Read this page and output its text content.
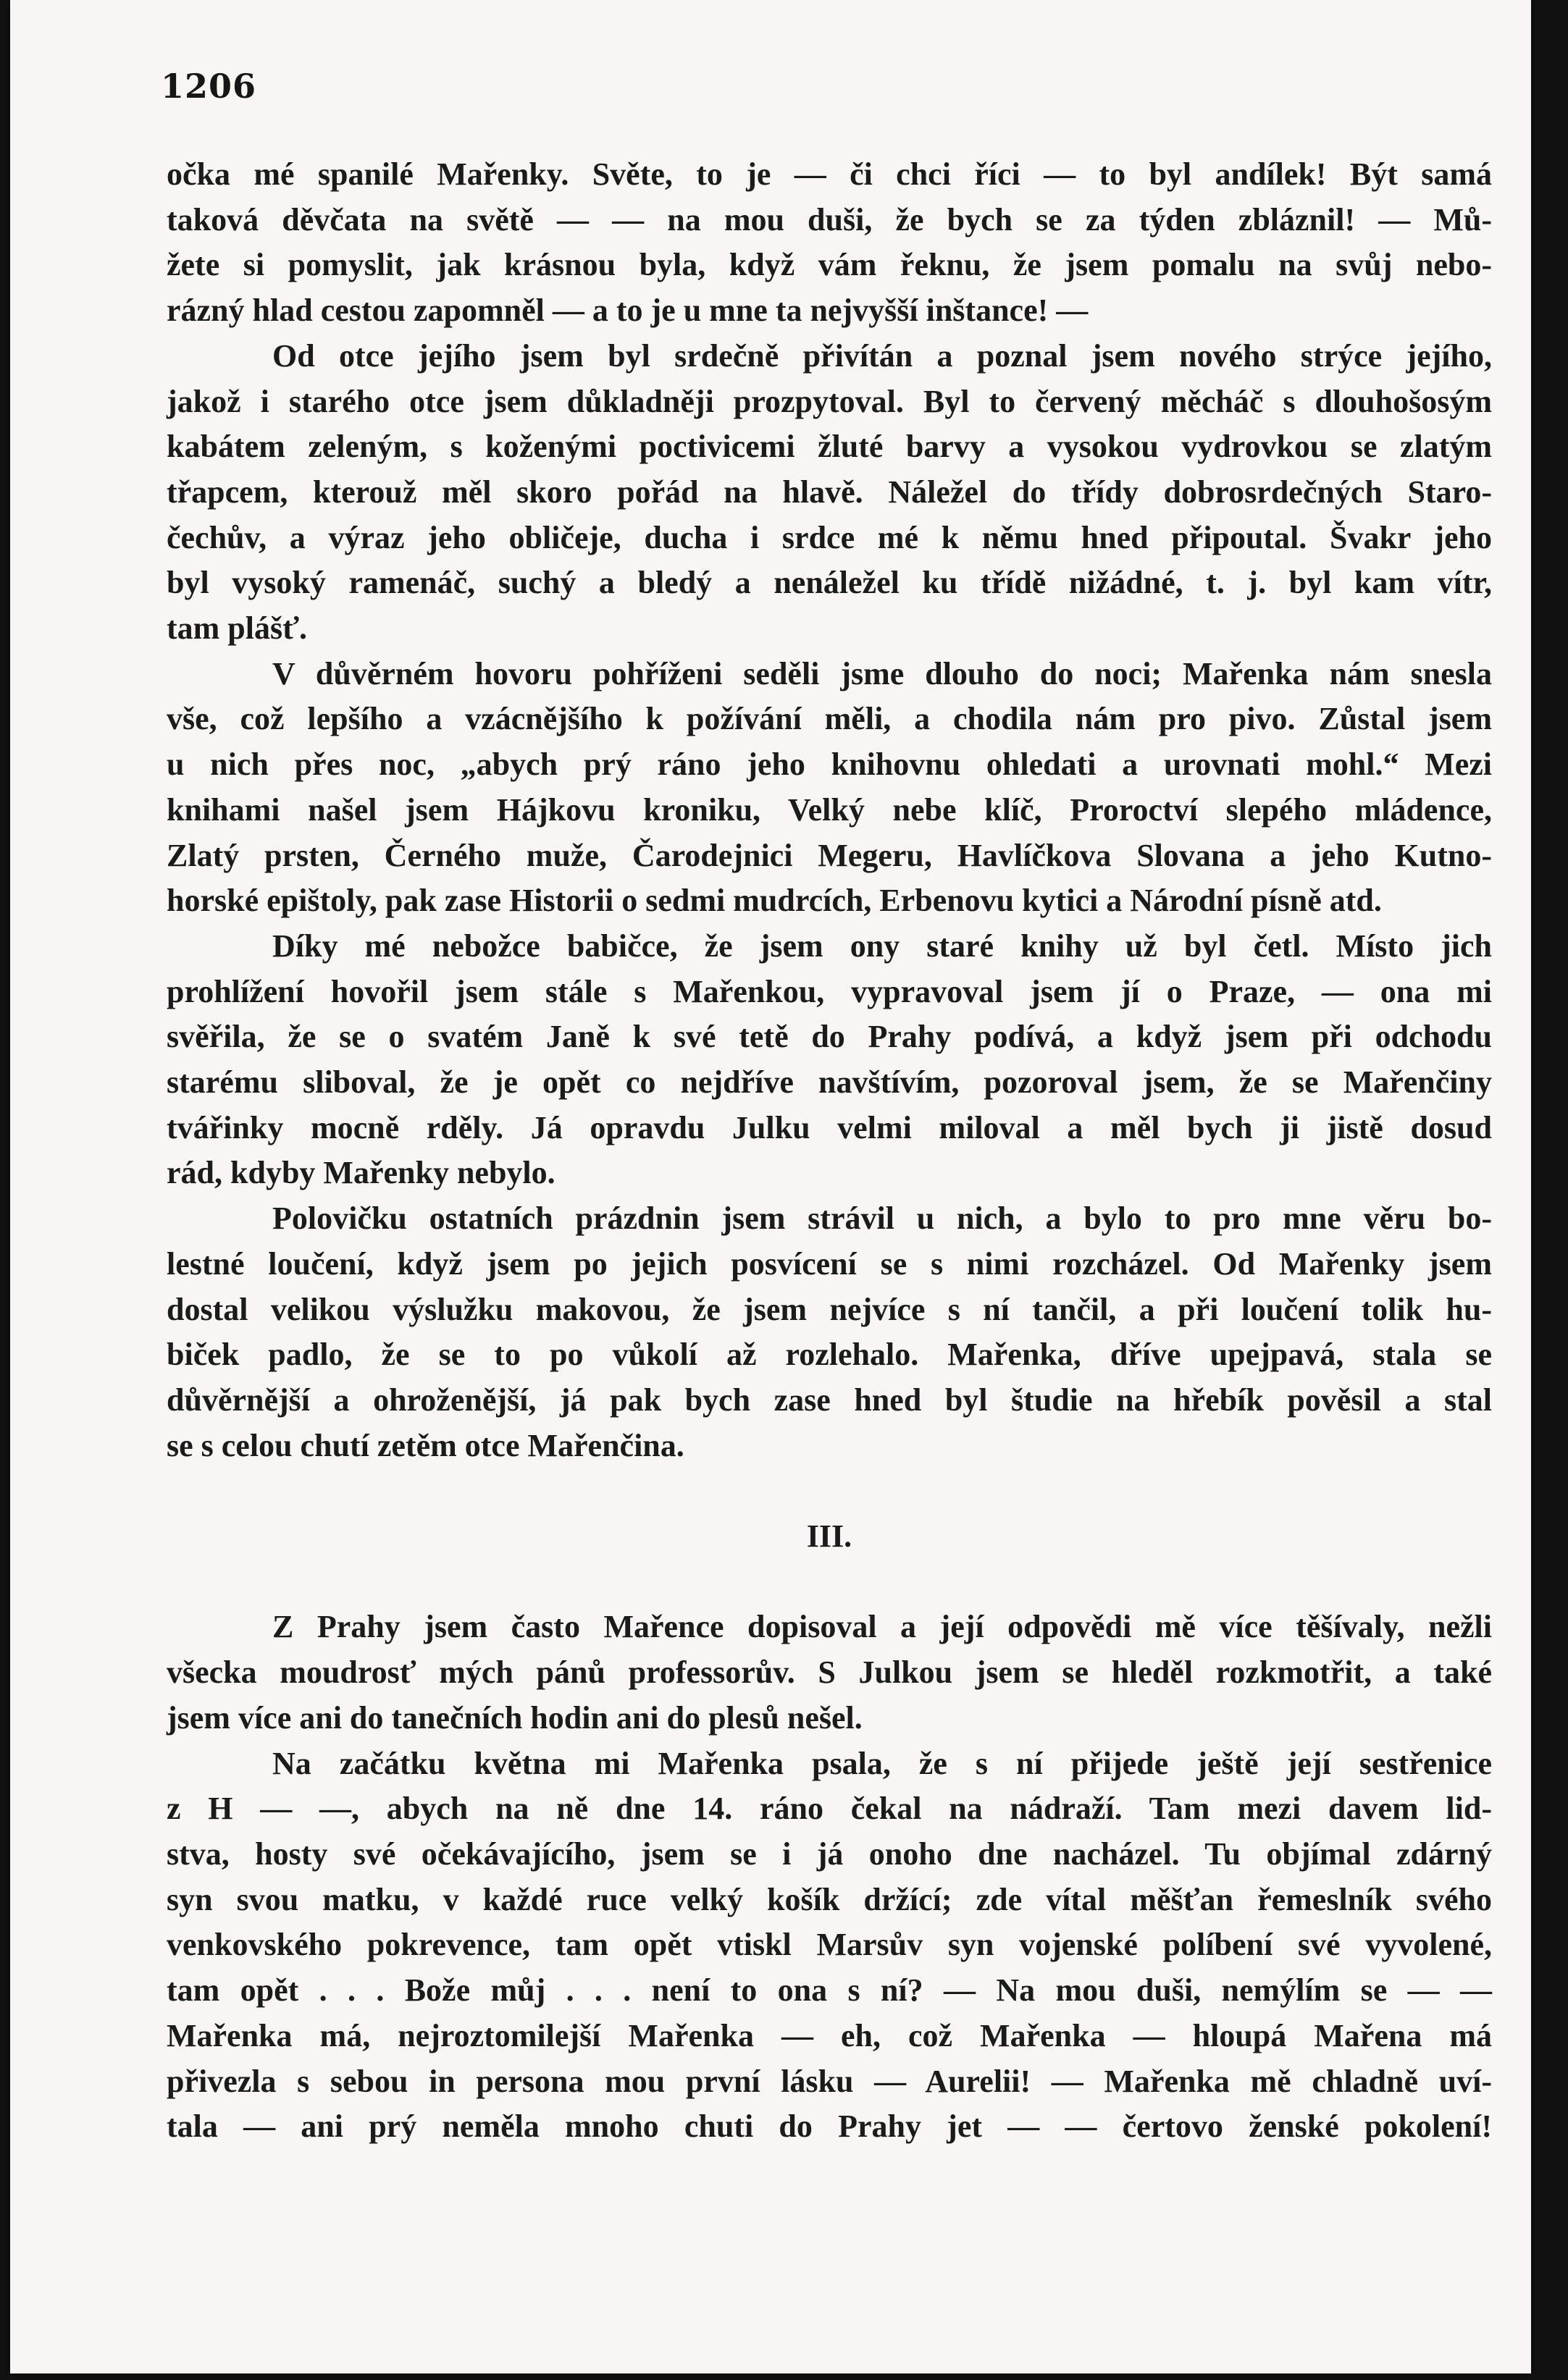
1206

očka mé spanilé Mařenky. Světe, to je — či chci říci — to byl andílek! Být samá
taková děvčata na světě — — na mou duši, že bych se za týden zbláznil! — Mů-
žete si pomyslit, jak krásnou byla, když vám řeknu, že jsem pomalu na svůj nebo-
rázný hlad cestou zapomněl — a to je u mne ta nejvyšší inštance! —

Od otce jejího jsem byl srdečně přivítán a poznal jsem nového strýce jejího,
jakož i starého otce jsem důkladněji prozpytoval. Byl to červený měcháč s dlouhošosým
kabátem zeleným, s koženými poctivicemi žluté barvy a vysokou vydrovkou se zlatým
třapcem, kterouž měl skoro pořád na hlavě. Náležel do třídy dobrosrdečných Staro-
čechův, a výraz jeho obličeje, ducha i srdce mé k němu hned připoutal. Švakr jeho
byl vysoký ramenáč, suchý a bledý a nenáležel ku třídě nižádné, t. j. byl kam vítr,
tam plášť.

V důvěrném hovoru pohříženi seděli jsme dlouho do noci; Mařenka nám snesla
vše, což lepšího a vzácnějšího k požívání měli, a chodila nám pro pivo. Zůstal jsem
u nich přes noc, „abych prý ráno jeho knihovnu ohledati a urovnati mohl.“ Mezi
knihami našel jsem Hájkovu kroniku, Velký nebe klíč, Proroctví slepého mládence,
Zlatý prsten, Černého muže, Čarodejnici Megeru, Havlíčkova Slovana a jeho Kutno-
horské epištoly, pak zase Historii o sedmi mudrcích, Erbenovu kytici a Národní písně atd.

Díky mé nebožce babičce, že jsem ony staré knihy už byl četl. Místo jich
prohlížení hovořil jsem stále s Mařenkou, vypravoval jsem jí o Praze, — ona mi
svěřila, že se o svatém Janě k své tetě do Prahy podívá, a když jsem při odchodu
starému sliboval, že je opět co nejdříve navštívím, pozoroval jsem, že se Mařenčiny
tvářinky mocně rděly. Já opravdu Julku velmi miloval a měl bych ji jistě dosud
rád, kdyby Mařenky nebylo.

Polovičku ostatních prázdnin jsem strávil u nich, a bylo to pro mne věru bo-
lestné loučení, když jsem po jejich posvícení se s nimi rozcházel. Od Mařenky jsem
dostal velikou výslužku makovou, že jsem nejvíce s ní tančil, a při loučení tolik hu-
biček padlo, že se to po vůkolí až rozlehalo. Mařenka, dříve upejpavá, stala se
důvěrnější a ohroženější, já pak bych zase hned byl študie na hřebík pověsil a stal
se s celou chutí zetěm otce Mařenčina.

III.

Z Prahy jsem často Mařence dopisoval a její odpovědi mě více těšívaly, nežli
všecka moudrosť mých pánů professorův. S Julkou jsem se hleděl rozkmotřit, a také
jsem více ani do tanečních hodin ani do plesů nešel.

Na začátku května mi Mařenka psala, že s ní přijede ještě její sestřenice
z H — —, abych na ně dne 14. ráno čekal na nádraží. Tam mezi davem lid-
stva, hosty své očekávajícího, jsem se i já onoho dne nacházel. Tu objímal zdárný
syn svou matku, v každé ruce velký košík držící; zde vítal měšťan řemeslník svého
venkovského pokrevence, tam opět vtiskl Marsův syn vojenské políbení své vyvolené,
tam opět . . . Bože můj . . . není to ona s ní? — Na mou duši, nemýlím se — —
Mařenka má, nejroztomilejší Mařenka — eh, což Mařenka — hloupá Mařena má
přivezla s sebou in persona mou první lásku — Aurelii! — Mařenka mě chladně uví-
tala — ani prý neměla mnoho chuti do Prahy jet — — čertovo ženské pokolení!
